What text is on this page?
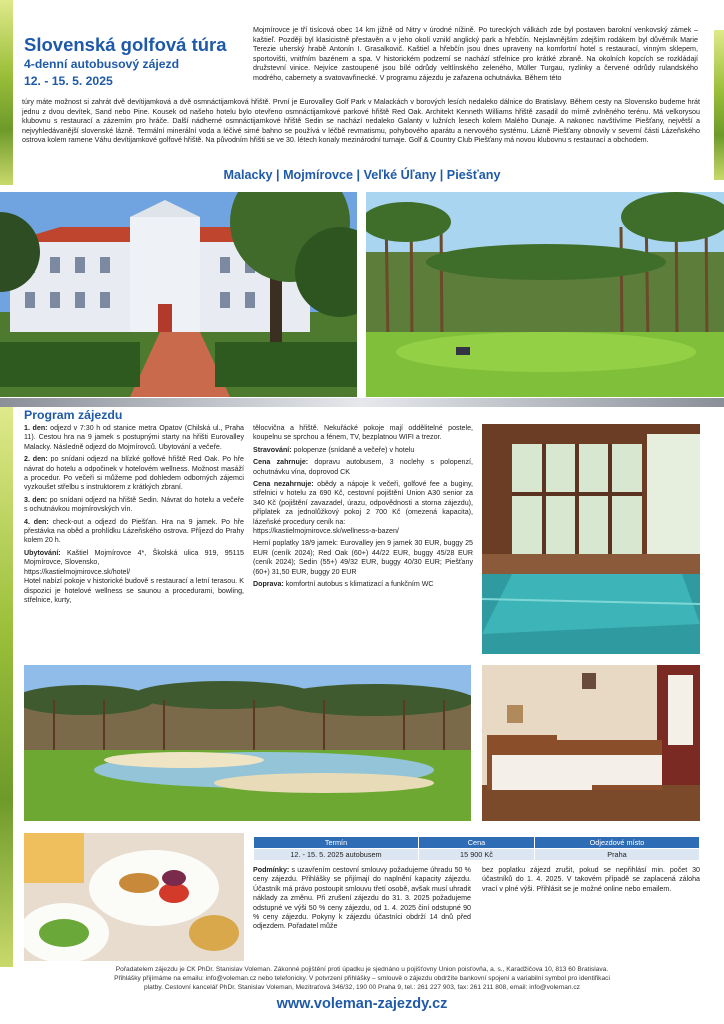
Slovenská golfová túra
4-denní autobusový zájezd
12. - 15. 5. 2025
Mojmírovce je tří tisícová obec 14 km jižně od Nitry v úrodné nížině. Po tureckých válkách zde byl postaven barokní venkovský zámek – kaštieľ. Později byl klasicistně přestavěn a v jeho okolí vznikl anglický park a hřebčín. Nejslavnějším zdejším rodákem byl důvěrník Marie Terezie uherský hrabě Antonín I. Grasalkovič. Kaštiel a hřebčín jsou dnes upraveny na komfortní hotel s restaurací, vinným sklepem, sportovišti, vnitřním bazénem a spa. V historickém podzemí se nachází střelnice pro krátké zbraně. Na okolních kopcích se rozkládají družstevní vinice. Nejvíce zastoupené jsou bílé odrůdy veltlínského zeleného, Müller Turgau, ryzlinky a červené odrůdy rulandského modrého, cabernety a svatovavřinecké. V programu zájezdu je zařazena ochutnávka. Během této
túry máte možnost si zahrát dvě devítijamková a dvě osmnáctijamková hřiště. První je Eurovalley Golf Park v Malackách v borových lesích nedaleko dálnice do Bratislavy. Během cesty na Slovensko budeme hrát jednu z dvou devítek, Sand nebo Pine. Kousek od našeho hotelu bylo otevřeno osmnáctijamkové parkové hřiště Red Oak. Architekt Kenneth Williams hřiště zasadil do mírně zvlněného terénu. Má velkorysou klubovnu s restaurací a zázemím pro hráče. Další nádherné osmnáctijamkové hřiště Sedin se nachází nedaleko Galanty v lužních lesech kolem Malého Dunaje. A nakonec navštívíme Piešťany, největší a nejvyhledávanější slovenské lázně. Termální minerální voda a léčivé sirné bahno se používá v léčbě revmatismu, pohybového aparátu a nervového systému. Lázně Piešťany obnovily v severní části Lázeňského ostrova kolem ramene Váhu devítijamkové golfové hřiště. Na původním hřišti se ve 30. létech konaly mezinárodní turnaje. Golf & Country Club Piešťany má novou klubovnu s restaurací a obchodem.
Malacky | Mojmírovce | Veľké Úľany | Piešťany
Program zájezdu

1. den: odjezd v 7:30 h od stanice metra Opatov (Chilská ul., Praha 11). Cestou hra na 9 jamek s postupnými starty na hřišti Eurovalley Malacky. Následně odjezd do Mojmírovců. Ubytování a večeře.

2. den: po snídani odjezd na blízké golfové hřiště Red Oak. Po hře návrat do hotelu a odpočinek v hotelovém wellness. Možnost masáží a procedur. Po večeři si můžeme pod dohledem odborných zájemci vyzkoušet střelbu s instruktorem z krátkých zbraní.

3. den: po snídani odjezd na hřiště Sedin. Návrat do hotelu a večeře s ochutnávkou mojmírovských vín.

4. den: check-out a odjezd do Piešťan. Hra na 9 jamek. Po hře přestávka na oběd a prohlídku Lázeňského ostrova. Příjezd do Prahy kolem 20 h.

Ubytování: Kaštiel Mojmírovce 4*, Školská ulica 919, 95115 Mojmírovce, Slovensko,

https://kastielmojmirovce.sk/hotel/

Hotel nabízí pokoje v historické budově s restaurací a letní terasou. K dispozici je hotelové wellness se saunou a procedurami, bowling, střelnice, kurty,

tělocvična a hřiště. Nekuřácké pokoje mají oddělitelné postele, koupelnu se sprchou a fénem, TV, bezplatnou WIFI a trezor.

Stravování: polopenze (snídaně a večeře) v hotelu

Cena zahrnuje: dopravu autobusem, 3 noclehy s polopenzí, ochutnávku vína, doprovod CK

Cena nezahrnuje: obědy a nápoje k večeři, golfové fee a buginy, střelnici v hotelu za 690 Kč, cestovní pojištění Union A30 senior za 340 Kč (pojištění zavazadel, úrazu, odpovědnosti a storna zájezdu), příplatek za jednolůžkový pokoj 2 700 Kč (omezená kapacita), lázeňské procedury ceník na:

https://kastielmojmirovce.sk/wellness-a-bazen/

Herní poplatky 18/9 jamek: Eurovalley jen 9 jamek 30 EUR, buggy 25 EUR (ceník 2024); Red Oak (60+) 44/22 EUR, buggy 45/28 EUR (ceník 2024); Sedin (55+) 49/32 EUR, buggy 40/30 EUR; Piešťany (60+) 31,50 EUR, buggy 20 EUR

Doprava: komfortní autobus s klimatizací a funkčním WC

Termín	Cena	Odjezdové místo
12. - 15. 5. 2025 autobusem	15 900 Kč	Praha

Podmínky: s uzavřením cestovní smlouvy požadujeme úhradu 50 % ceny zájezdu. Přihlášky se přijímají do naplnění kapacity zájezdu. Účastník má právo postoupit smlouvu třetí osobě, avšak musí uhradit náklady za změnu. Při zrušení zájezdu do 31. 3. 2025 požadujeme odstupné ve výši 50 % ceny zájezdu, od 1. 4. 2025 činí odstupné 90 % ceny zájezdu. Pokyny k zájezdu účastníci obdrží 14 dnů před odjezdem. Pořadatel může

bez poplatku zájezd zrušit, pokud se nepřihlásí min. počet 30 účastníků do 1. 4. 2025. V takovém případě se zaplacená záloha vrací v plné výši. Přihlásit se je možné online nebo emailem.

Pořadatelem zájezdu je CK PhDr. Stanislav Voleman. Zákonné pojištění proti úpadku je sjednáno u pojišťovny Union poisťovňa, a. s., Karadžičova 10, 813 60 Bratislava.
Přihlášky přijímáme na emailu: info@voleman.cz nebo telefonicky. V potvrzení přihlášky – smlouvě o zájezdu obdržíte bankovní spojení a variabilní symbol pro identifikaci
platby. Cestovní kancelář PhDr. Stanislav Voleman, Mezitraťová 346/32, 190 00 Praha 9, tel.: 261 227 903, fax: 261 211 808, email: info@voleman.cz
www.voleman-zajezdy.cz
